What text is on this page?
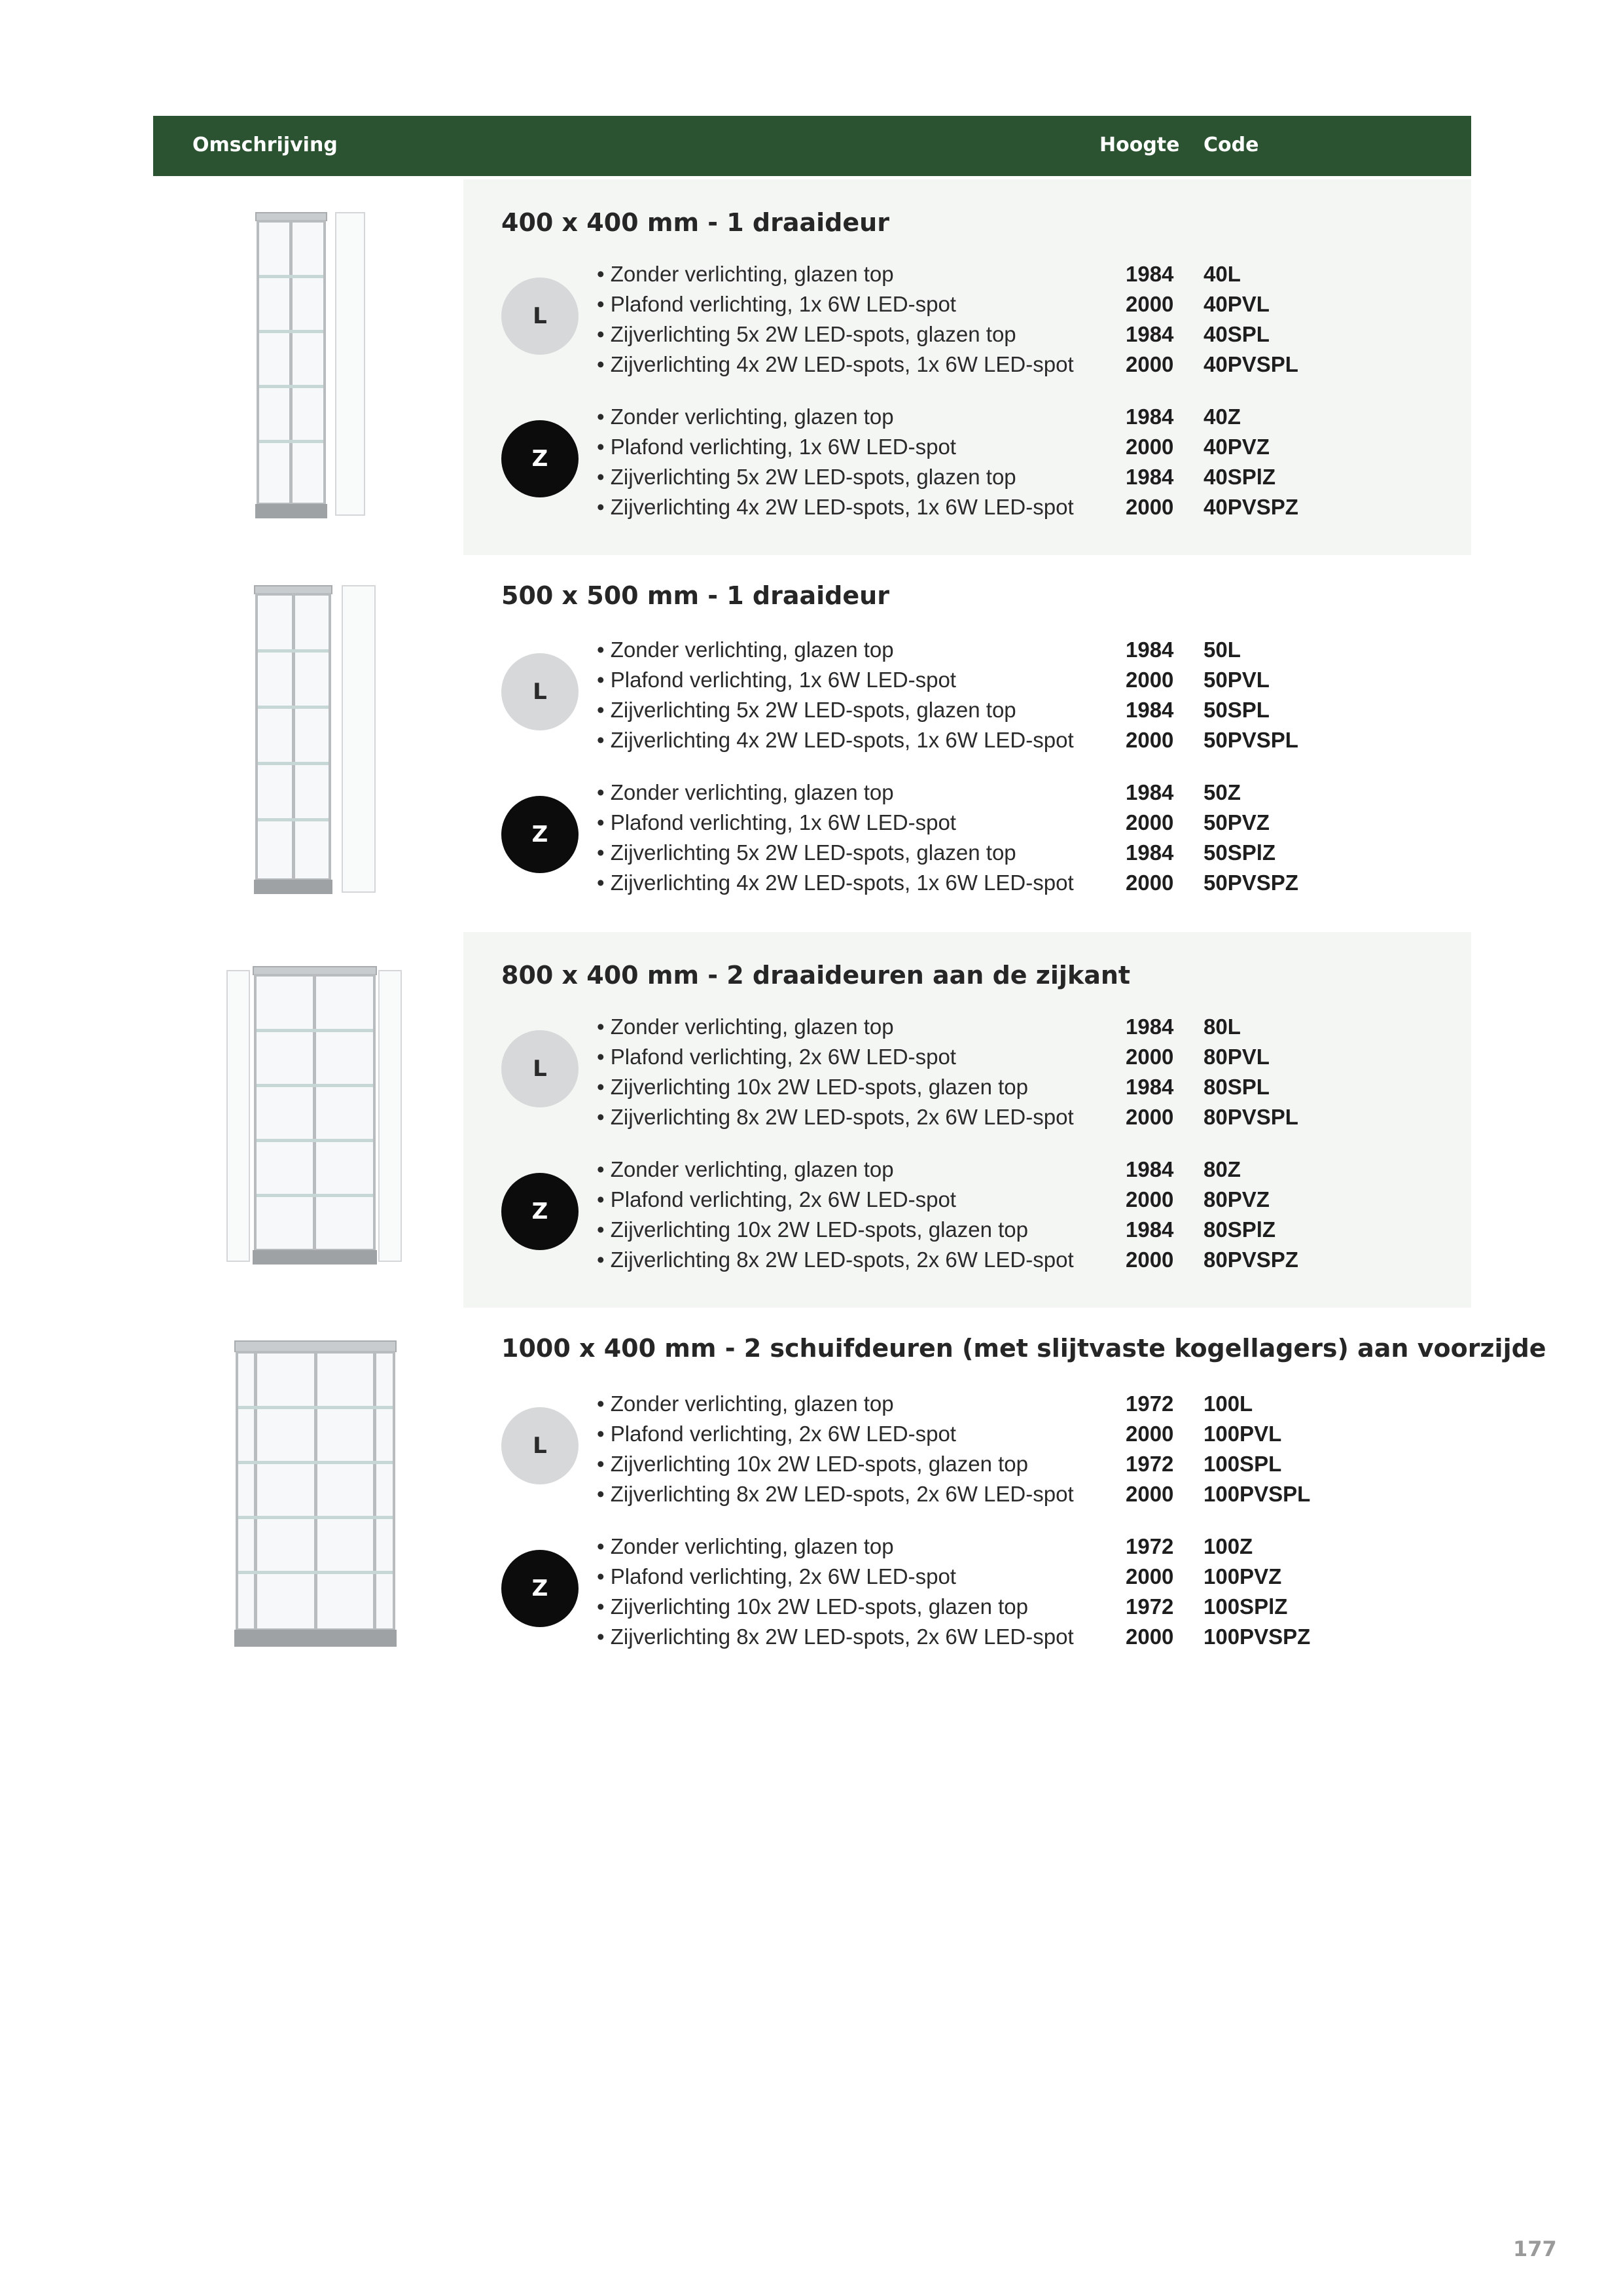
Omschrijving	Hoogte Code
400 x 400 mm - 1 draaideur
L
• Zonder verlichting, glazen top	1984 40L
• Plafond verlichting, 1x 6W LED-spot	2000 40PVL
• Zijverlichting 5x 2W LED-spots, glazen top	1984 40SPL
• Zijverlichting 4x 2W LED-spots, 1x 6W LED-spot 2000 40PVSPL
Z
• Zonder verlichting, glazen top	1984 40Z
• Plafond verlichting, 1x 6W LED-spot	2000 40PVZ
• Zijverlichting 5x 2W LED-spots, glazen top	1984 40SPlZ
• Zijverlichting 4x 2W LED-spots, 1x 6W LED-spot 2000 40PVSPZ
500 x 500 mm - 1 draaideur
L
• Zonder verlichting, glazen top	1984 50L
• Plafond verlichting, 1x 6W LED-spot	2000 50PVL
• Zijverlichting 5x 2W LED-spots, glazen top	1984 50SPL
• Zijverlichting 4x 2W LED-spots, 1x 6W LED-spot 2000 50PVSPL
Z
• Zonder verlichting, glazen top	1984 50Z
• Plafond verlichting, 1x 6W LED-spot	2000 50PVZ
• Zijverlichting 5x 2W LED-spots, glazen top	1984 50SPlZ
• Zijverlichting 4x 2W LED-spots, 1x 6W LED-spot 2000 50PVSPZ
800 x 400 mm - 2 draaideuren aan de zijkant
L
• Zonder verlichting, glazen top	1984 80L
• Plafond verlichting, 2x 6W LED-spot	2000 80PVL
• Zijverlichting 10x 2W LED-spots, glazen top	1984 80SPL
• Zijverlichting 8x 2W LED-spots, 2x 6W LED-spot 2000 80PVSPL
Z
• Zonder verlichting, glazen top	1984 80Z
• Plafond verlichting, 2x 6W LED-spot	2000 80PVZ
• Zijverlichting 10x 2W LED-spots, glazen top	1984 80SPlZ
• Zijverlichting 8x 2W LED-spots, 2x 6W LED-spot 2000 80PVSPZ
1000 x 400 mm - 2 schuifdeuren (met slijtvaste kogellagers) aan voorzijde
L
• Zonder verlichting, glazen top	1972 100L
• Plafond verlichting, 2x 6W LED-spot	2000 100PVL
• Zijverlichting 10x 2W LED-spots, glazen top	1972 100SPL
• Zijverlichting 8x 2W LED-spots, 2x 6W LED-spot 2000 100PVSPL
Z
• Zonder verlichting, glazen top	1972 100Z
• Plafond verlichting, 2x 6W LED-spot	2000 100PVZ
• Zijverlichting 10x 2W LED-spots, glazen top	1972 100SPlZ
• Zijverlichting 8x 2W LED-spots, 2x 6W LED-spot 2000 100PVSPZ
177
